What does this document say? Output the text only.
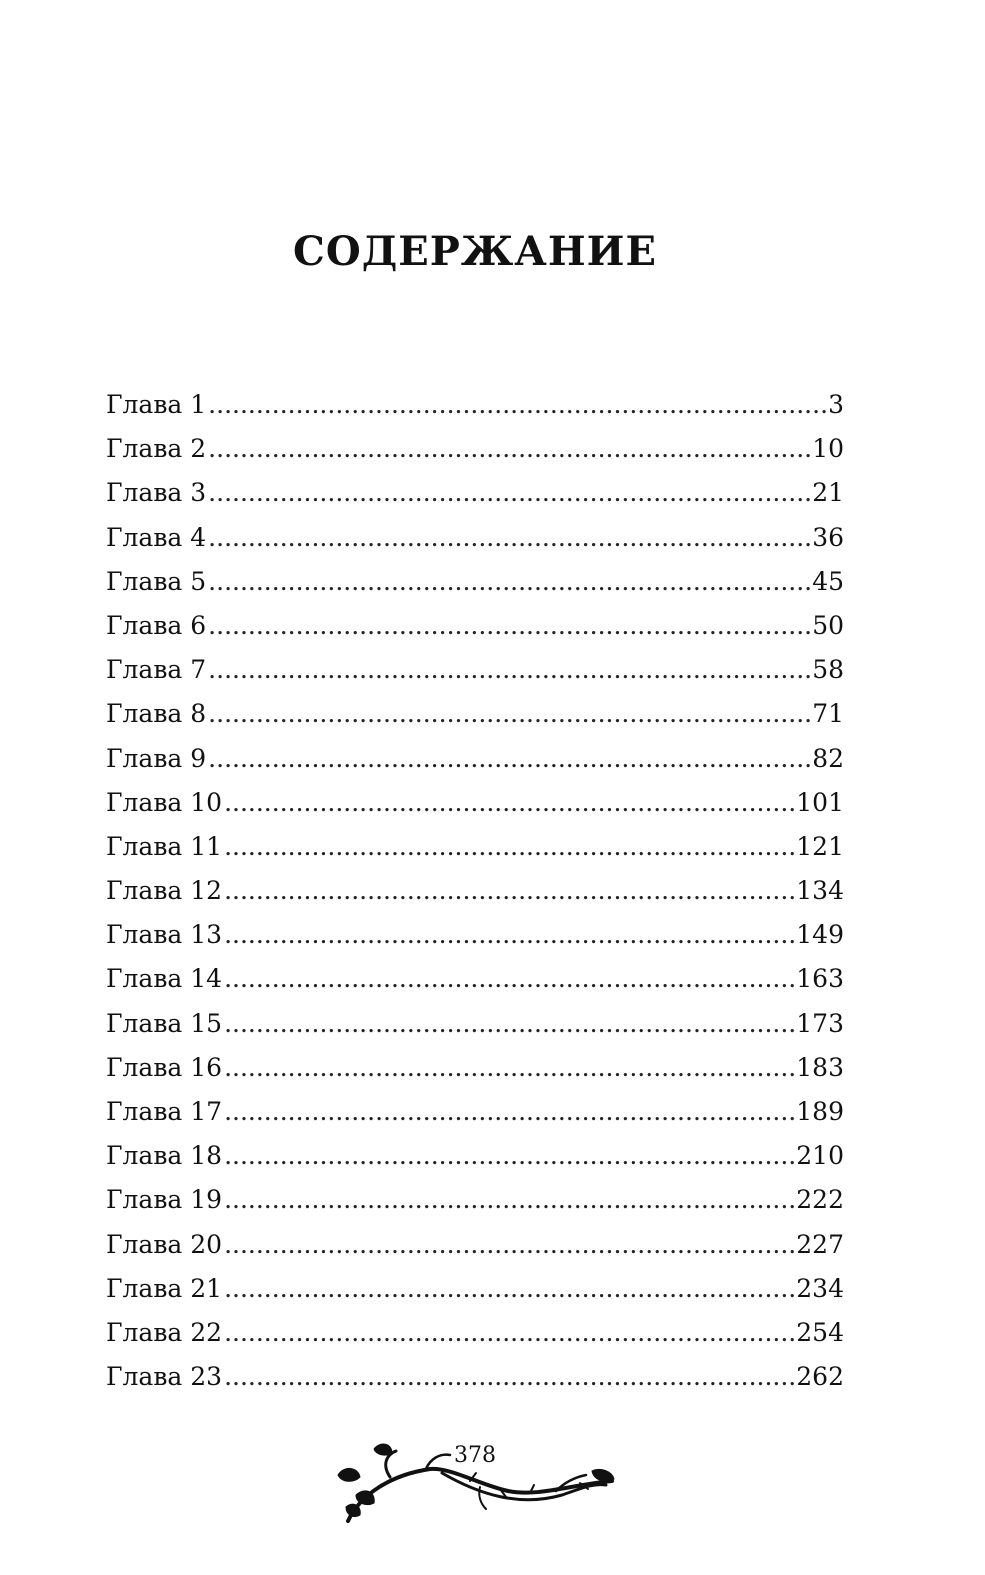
СОДЕРЖАНИЕ
Глава 1 .....	3
Глава 2 .....	10
Глава 3 .....	21
Глава 4 .....	36
Глава 5 .....	45
Глава 6 .....	50
Глава 7 .....	58
Глава 8 .....	71
Глава 9 .....	82
Глава 10 .....	101
Глава 11 .....	121
Глава 12 .....	134
Глава 13 .....	149
Глава 14 .....	163
Глава 15 .....	173
Глава 16 .....	183
Глава 17 .....	189
Глава 18 .....	210
Глава 19 .....	222
Глава 20 .....	227
Глава 21 .....	234
Глава 22 .....	254
Глава 23 .....	262
378
